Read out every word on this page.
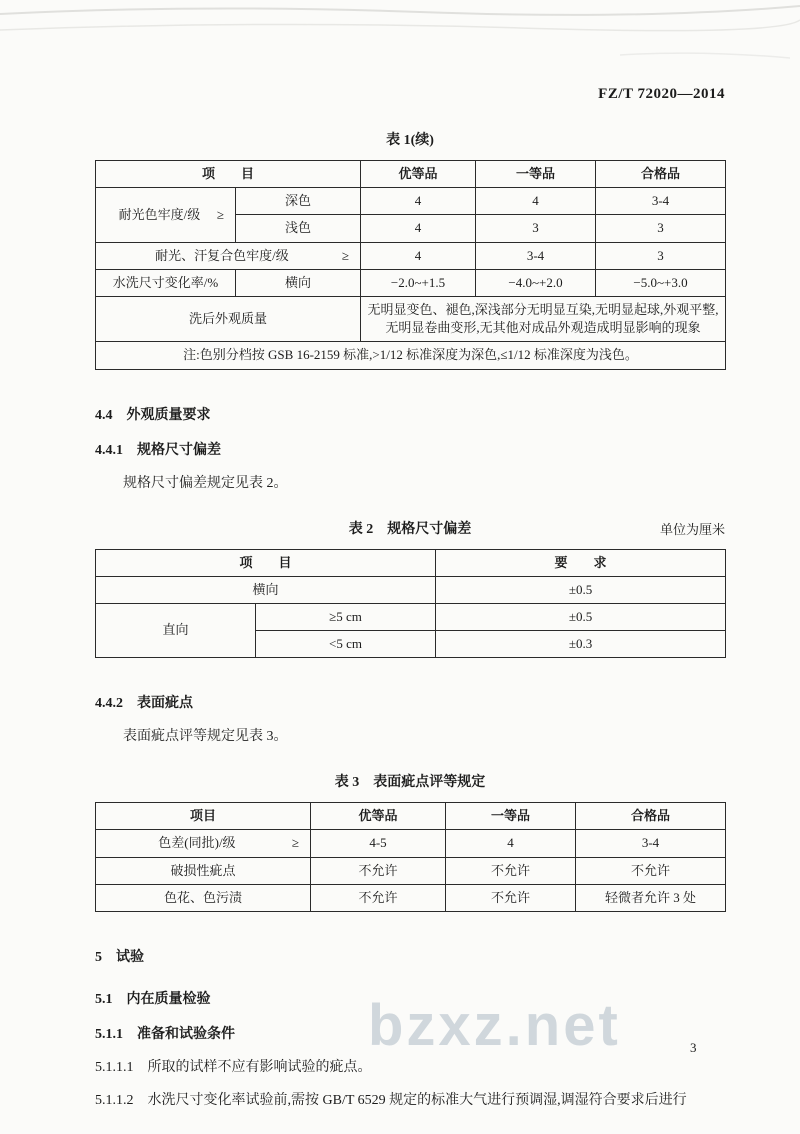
bzxz.net
FZ/T 72020—2014
表 1(续)
项　　目		优等品	一等品	合格品
耐光色牢度/级 ≥	深色	4	4	3-4
	浅色	4	3	3
耐光、汗复合色牢度/级 ≥		4	3-4	3
水洗尺寸变化率/%	横向	−2.0~+1.5	−4.0~+2.0	−5.0~+3.0
洗后外观质量		无明显变色、褪色,深浅部分无明显互染,无明显起球,外观平整,无明显卷曲变形,无其他对成品外观造成明显影响的现象		
注:色别分档按 GSB 16-2159 标准,>1/12 标准深度为深色,≤1/12 标准深度为浅色。				
4.4　外观质量要求
4.4.1　规格尺寸偏差
规格尺寸偏差规定见表 2。
表 2　规格尺寸偏差	单位为厘米
项　　目		要　　求
横向		±0.5
直向	≥5 cm	±0.5
	<5 cm	±0.3
4.4.2　表面疵点
表面疵点评等规定见表 3。
表 3　表面疵点评等规定
项目	优等品	一等品	合格品
色差(同批)/级 ≥	4-5	4	3-4
破损性疵点	不允许	不允许	不允许
色花、色污渍	不允许	不允许	轻微者允许 3 处
5　试验
5.1　内在质量检验
5.1.1　准备和试验条件
5.1.1.1　所取的试样不应有影响试验的疵点。
5.1.1.2　水洗尺寸变化率试验前,需按 GB/T 6529 规定的标准大气进行预调湿,调湿符合要求后进行
3
